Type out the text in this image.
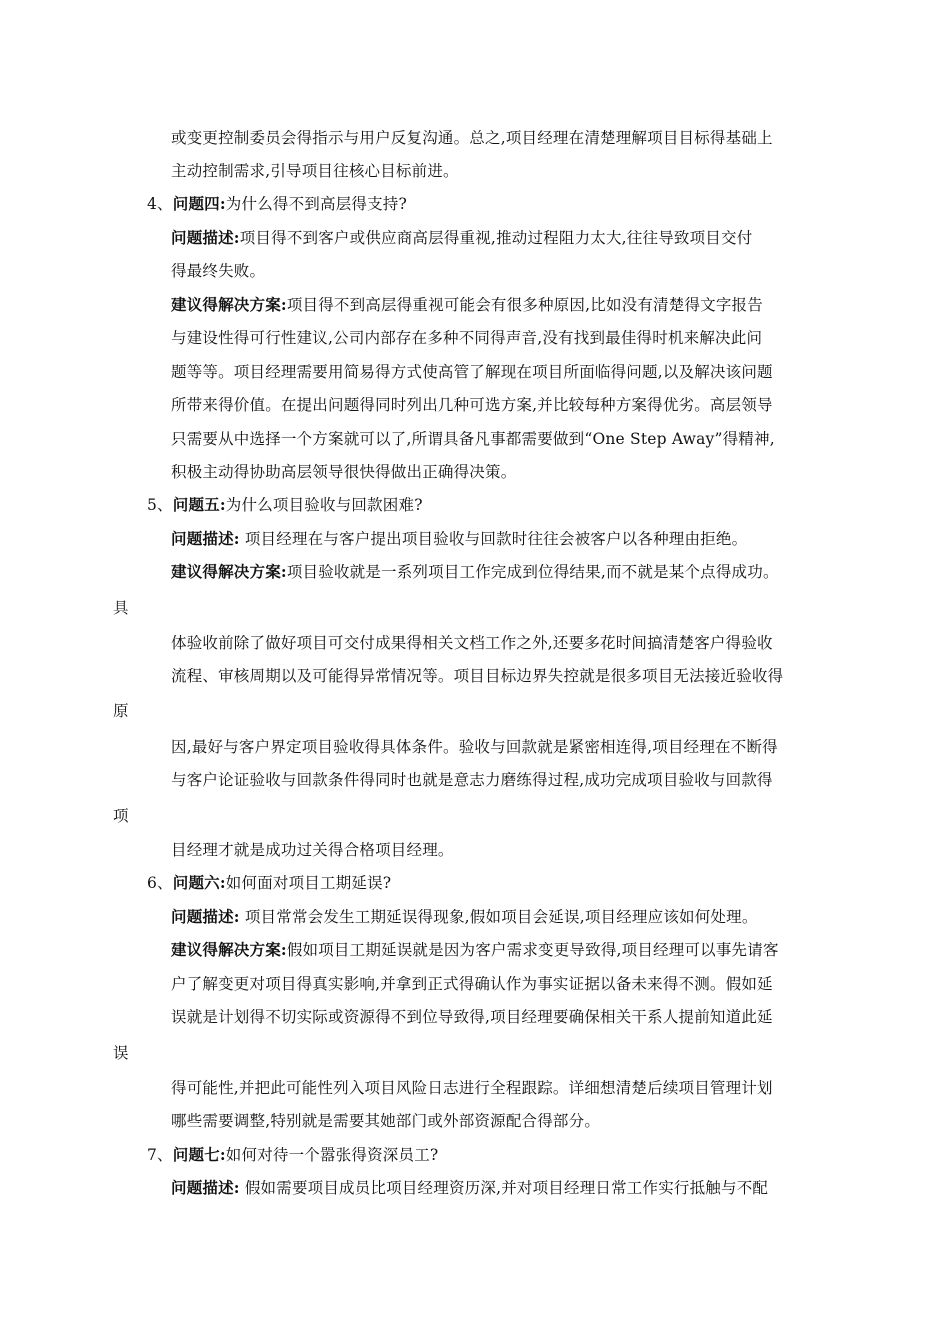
或变更控制委员会得指示与用户反复沟通。总之,项目经理在清楚理解项目目标得基础上
主动控制需求,引导项目往核心目标前进。
4、问题四:为什么得不到高层得支持?
问题描述:项目得不到客户或供应商高层得重视,推动过程阻力太大,往往导致项目交付
得最终失败。
建议得解决方案:项目得不到高层得重视可能会有很多种原因,比如没有清楚得文字报告
与建设性得可行性建议,公司内部存在多种不同得声音,没有找到最佳得时机来解决此问
题等等。项目经理需要用简易得方式使高管了解现在项目所面临得问题,以及解决该问题
所带来得价值。在提出问题得同时列出几种可选方案,并比较每种方案得优劣。高层领导
只需要从中选择一个方案就可以了,所谓具备凡事都需要做到“One Step Away”得精神,
积极主动得协助高层领导很快得做出正确得决策。
5、问题五:为什么项目验收与回款困难?
问题描述: 项目经理在与客户提出项目验收与回款时往往会被客户以各种理由拒绝。
建议得解决方案:项目验收就是一系列项目工作完成到位得结果,而不就是某个点得成功。
具
体验收前除了做好项目可交付成果得相关文档工作之外,还要多花时间搞清楚客户得验收
流程、审核周期以及可能得异常情况等。项目目标边界失控就是很多项目无法接近验收得
原
因,最好与客户界定项目验收得具体条件。验收与回款就是紧密相连得,项目经理在不断得
与客户论证验收与回款条件得同时也就是意志力磨练得过程,成功完成项目验收与回款得
项
目经理才就是成功过关得合格项目经理。
6、问题六:如何面对项目工期延误?
问题描述: 项目常常会发生工期延误得现象,假如项目会延误,项目经理应该如何处理。
建议得解决方案:假如项目工期延误就是因为客户需求变更导致得,项目经理可以事先请客
户了解变更对项目得真实影响,并拿到正式得确认作为事实证据以备未来得不测。假如延
误就是计划得不切实际或资源得不到位导致得,项目经理要确保相关干系人提前知道此延
误
得可能性,并把此可能性列入项目风险日志进行全程跟踪。详细想清楚后续项目管理计划
哪些需要调整,特别就是需要其她部门或外部资源配合得部分。
7、问题七:如何对待一个嚣张得资深员工?
问题描述: 假如需要项目成员比项目经理资历深,并对项目经理日常工作实行抵触与不配
